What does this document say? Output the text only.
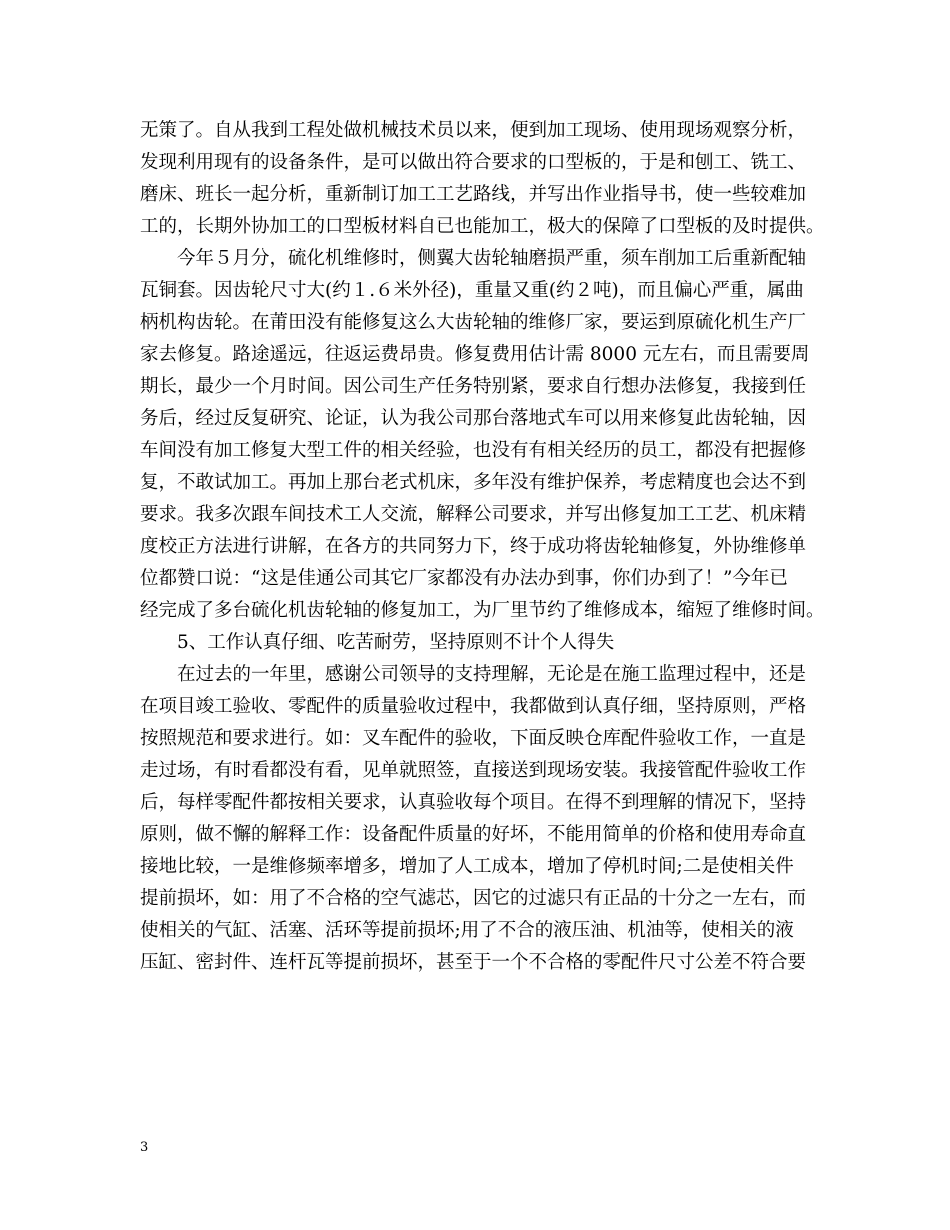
无策了。自从我到工程处做机械技术员以来，便到加工现场、使用现场观察分析，
发现利用现有的设备条件，是可以做出符合要求的口型板的，于是和刨工、铣工、
磨床、班长一起分析，重新制订加工工艺路线，并写出作业指导书，使一些较难加
工的，长期外协加工的口型板材料自已也能加工，极大的保障了口型板的及时提供。
今年５月分，硫化机维修时，侧翼大齿轮轴磨损严重，须车削加工后重新配轴
瓦铜套。因齿轮尺寸大(约１.６米外径)，重量又重(约２吨)，而且偏心严重，属曲
柄机构齿轮。在莆田没有能修复这么大齿轮轴的维修厂家，要运到原硫化机生产厂
家去修复。路途遥远，往返运费昂贵。修复费用估计需 8000 元左右，而且需要周
期长，最少一个月时间。因公司生产任务特别紧，要求自行想办法修复，我接到任
务后，经过反复研究、论证，认为我公司那台落地式车可以用来修复此齿轮轴，因
车间没有加工修复大型工件的相关经验，也没有有相关经历的员工，都没有把握修
复，不敢试加工。再加上那台老式机床，多年没有维护保养，考虑精度也会达不到
要求。我多次跟车间技术工人交流，解释公司要求，并写出修复加工工艺、机床精
度校正方法进行讲解，在各方的共同努力下，终于成功将齿轮轴修复，外协维修单
位都赞口说：“这是佳通公司其它厂家都没有办法办到事，你们办到了！”今年已
经完成了多台硫化机齿轮轴的修复加工，为厂里节约了维修成本，缩短了维修时间。
5、工作认真仔细、吃苦耐劳，坚持原则不计个人得失
在过去的一年里，感谢公司领导的支持理解，无论是在施工监理过程中，还是
在项目竣工验收、零配件的质量验收过程中，我都做到认真仔细，坚持原则，严格
按照规范和要求进行。如：叉车配件的验收，下面反映仓库配件验收工作，一直是
走过场，有时看都没有看，见单就照签，直接送到现场安装。我接管配件验收工作
后，每样零配件都按相关要求，认真验收每个项目。在得不到理解的情况下，坚持
原则，做不懈的解释工作：设备配件质量的好坏，不能用简单的价格和使用寿命直
接地比较，一是维修频率增多，增加了人工成本，增加了停机时间;二是使相关件
提前损坏，如：用了不合格的空气滤芯，因它的过滤只有正品的十分之一左右，而
使相关的气缸、活塞、活环等提前损坏;用了不合的液压油、机油等，使相关的液
压缸、密封件、连杆瓦等提前损坏，甚至于一个不合格的零配件尺寸公差不符合要
3
